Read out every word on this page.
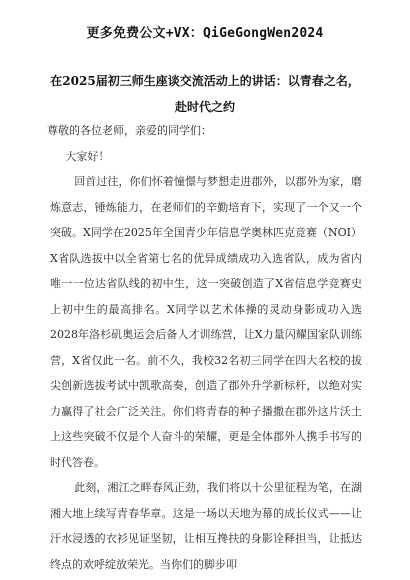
更多免费公文+VX：QiGeGongWen2024
在2025届初三师生座谈交流活动上的讲话：以青春之名，
赴时代之约

尊敬的各位老师，亲爱的同学们：

大家好！

回首过往，你们怀着憧憬与梦想走进郡外，以郡外为家，磨炼意志，锤炼能力，在老师们的辛勤培育下，实现了一个又一个突破。X同学在2025年全国青少年信息学奥林匹克竞赛（NOI）X省队选拔中以全省第七名的优异成绩成功入选省队，成为省内唯一一位达省队线的初中生，这一突破创造了X省信息学竞赛史上初中生的最高排名。X同学以艺术体操的灵动身影成功入选2028年洛杉矶奥运会后备人才训练营，让X力量闪耀国家队训练营，X省仅此一名。前不久，我校32名初三同学在四大名校的拔尖创新选拔考试中凯歌高奏，创造了郡外升学新标杆，以绝对实力赢得了社会广泛关注。你们将青春的种子播撒在郡外这片沃土上这些突破不仅是个人奋斗的荣耀，更是全体郡外人携手书写的时代答卷。

此刻，湘江之畔春风正劲，我们将以十公里征程为笔，在湖湘大地上续写青春华章。这是一场以天地为幕的成长仪式——让汗水浸透的衣衫见证坚韧，让相互搀扶的身影诠释担当，让抵达终点的欢呼绽放荣光。当你们的脚步叩
